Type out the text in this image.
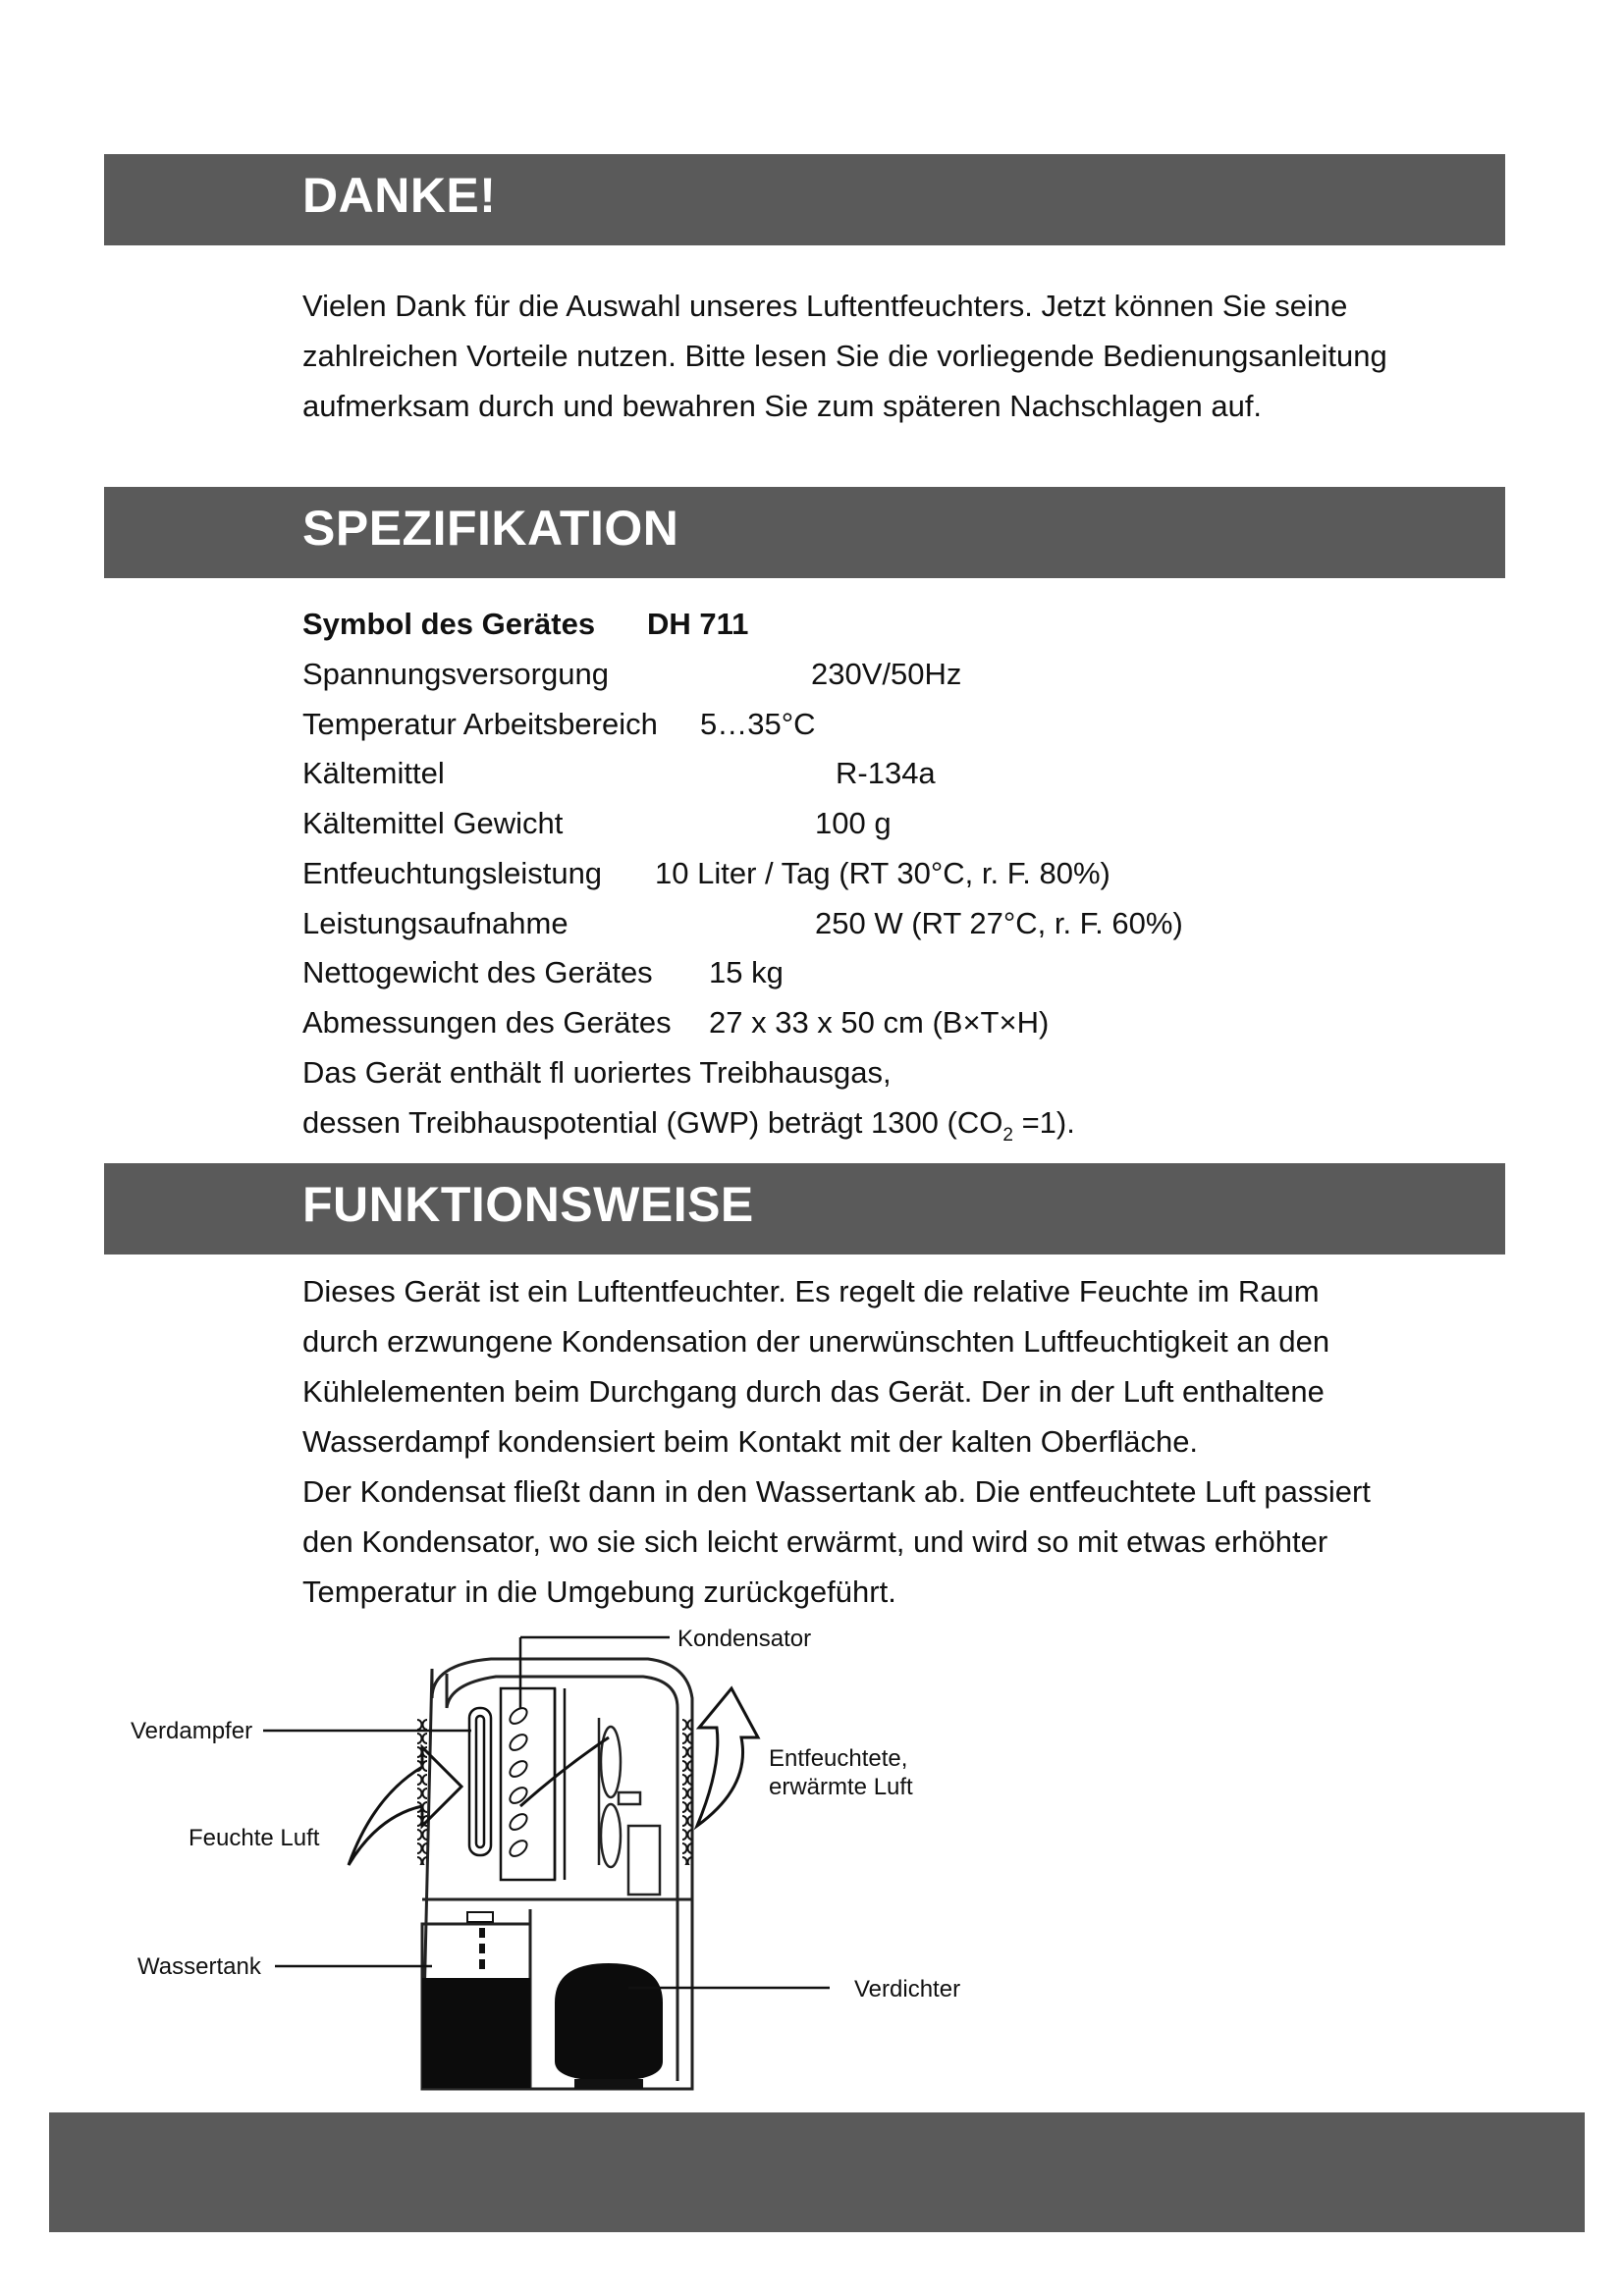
DANKE!

Vielen Dank für die Auswahl unseres Luftentfeuchters. Jetzt können Sie seine
zahlreichen Vorteile nutzen. Bitte lesen Sie die vorliegende Bedienungsanleitung
aufmerksam durch und bewahren Sie zum späteren Nachschlagen auf.

SPEZIFIKATION
Symbol des Gerätes DH 711
Spannungsversorgung	230V/50Hz
Temperatur Arbeitsbereich 5…35°C
Kältemittel	R-134a
Kältemittel Gewicht	100 g
Entfeuchtungsleistung 10 Liter / Tag (RT 30°C, r. F. 80%)
Leistungsaufnahme	250 W (RT 27°C, r. F. 60%)
Nettogewicht des Gerätes 15 kg
Abmessungen des Gerätes 27 x 33 x 50 cm (B×T×H)
Das Gerät enthält fl uoriertes Treibhausgas,
dessen Treibhauspotential (GWP) beträgt 1300 $(CO_2 =1)$.
FUNKTIONSWEISE

Dieses Gerät ist ein Luftentfeuchter. Es regelt die relative Feuchte im Raum
durch erzwungene Kondensation der unerwünschten Luftfeuchtigkeit an den
Kühlelementen beim Durchgang durch das Gerät. Der in der Luft enthaltene
Wasserdampf kondensiert beim Kontakt mit der kalten Oberfläche.
Der Kondensat fließt dann in den Wassertank ab. Die entfeuchtete Luft passiert
den Kondensator, wo sie sich leicht erwärmt, und wird so mit etwas erhöhter
Temperatur in die Umgebung zurückgeführt.

Kondensator
Verdampfer
Entfeuchtete,
erwärmte Luft
Feuchte Luft
Wassertank
Verdichter
